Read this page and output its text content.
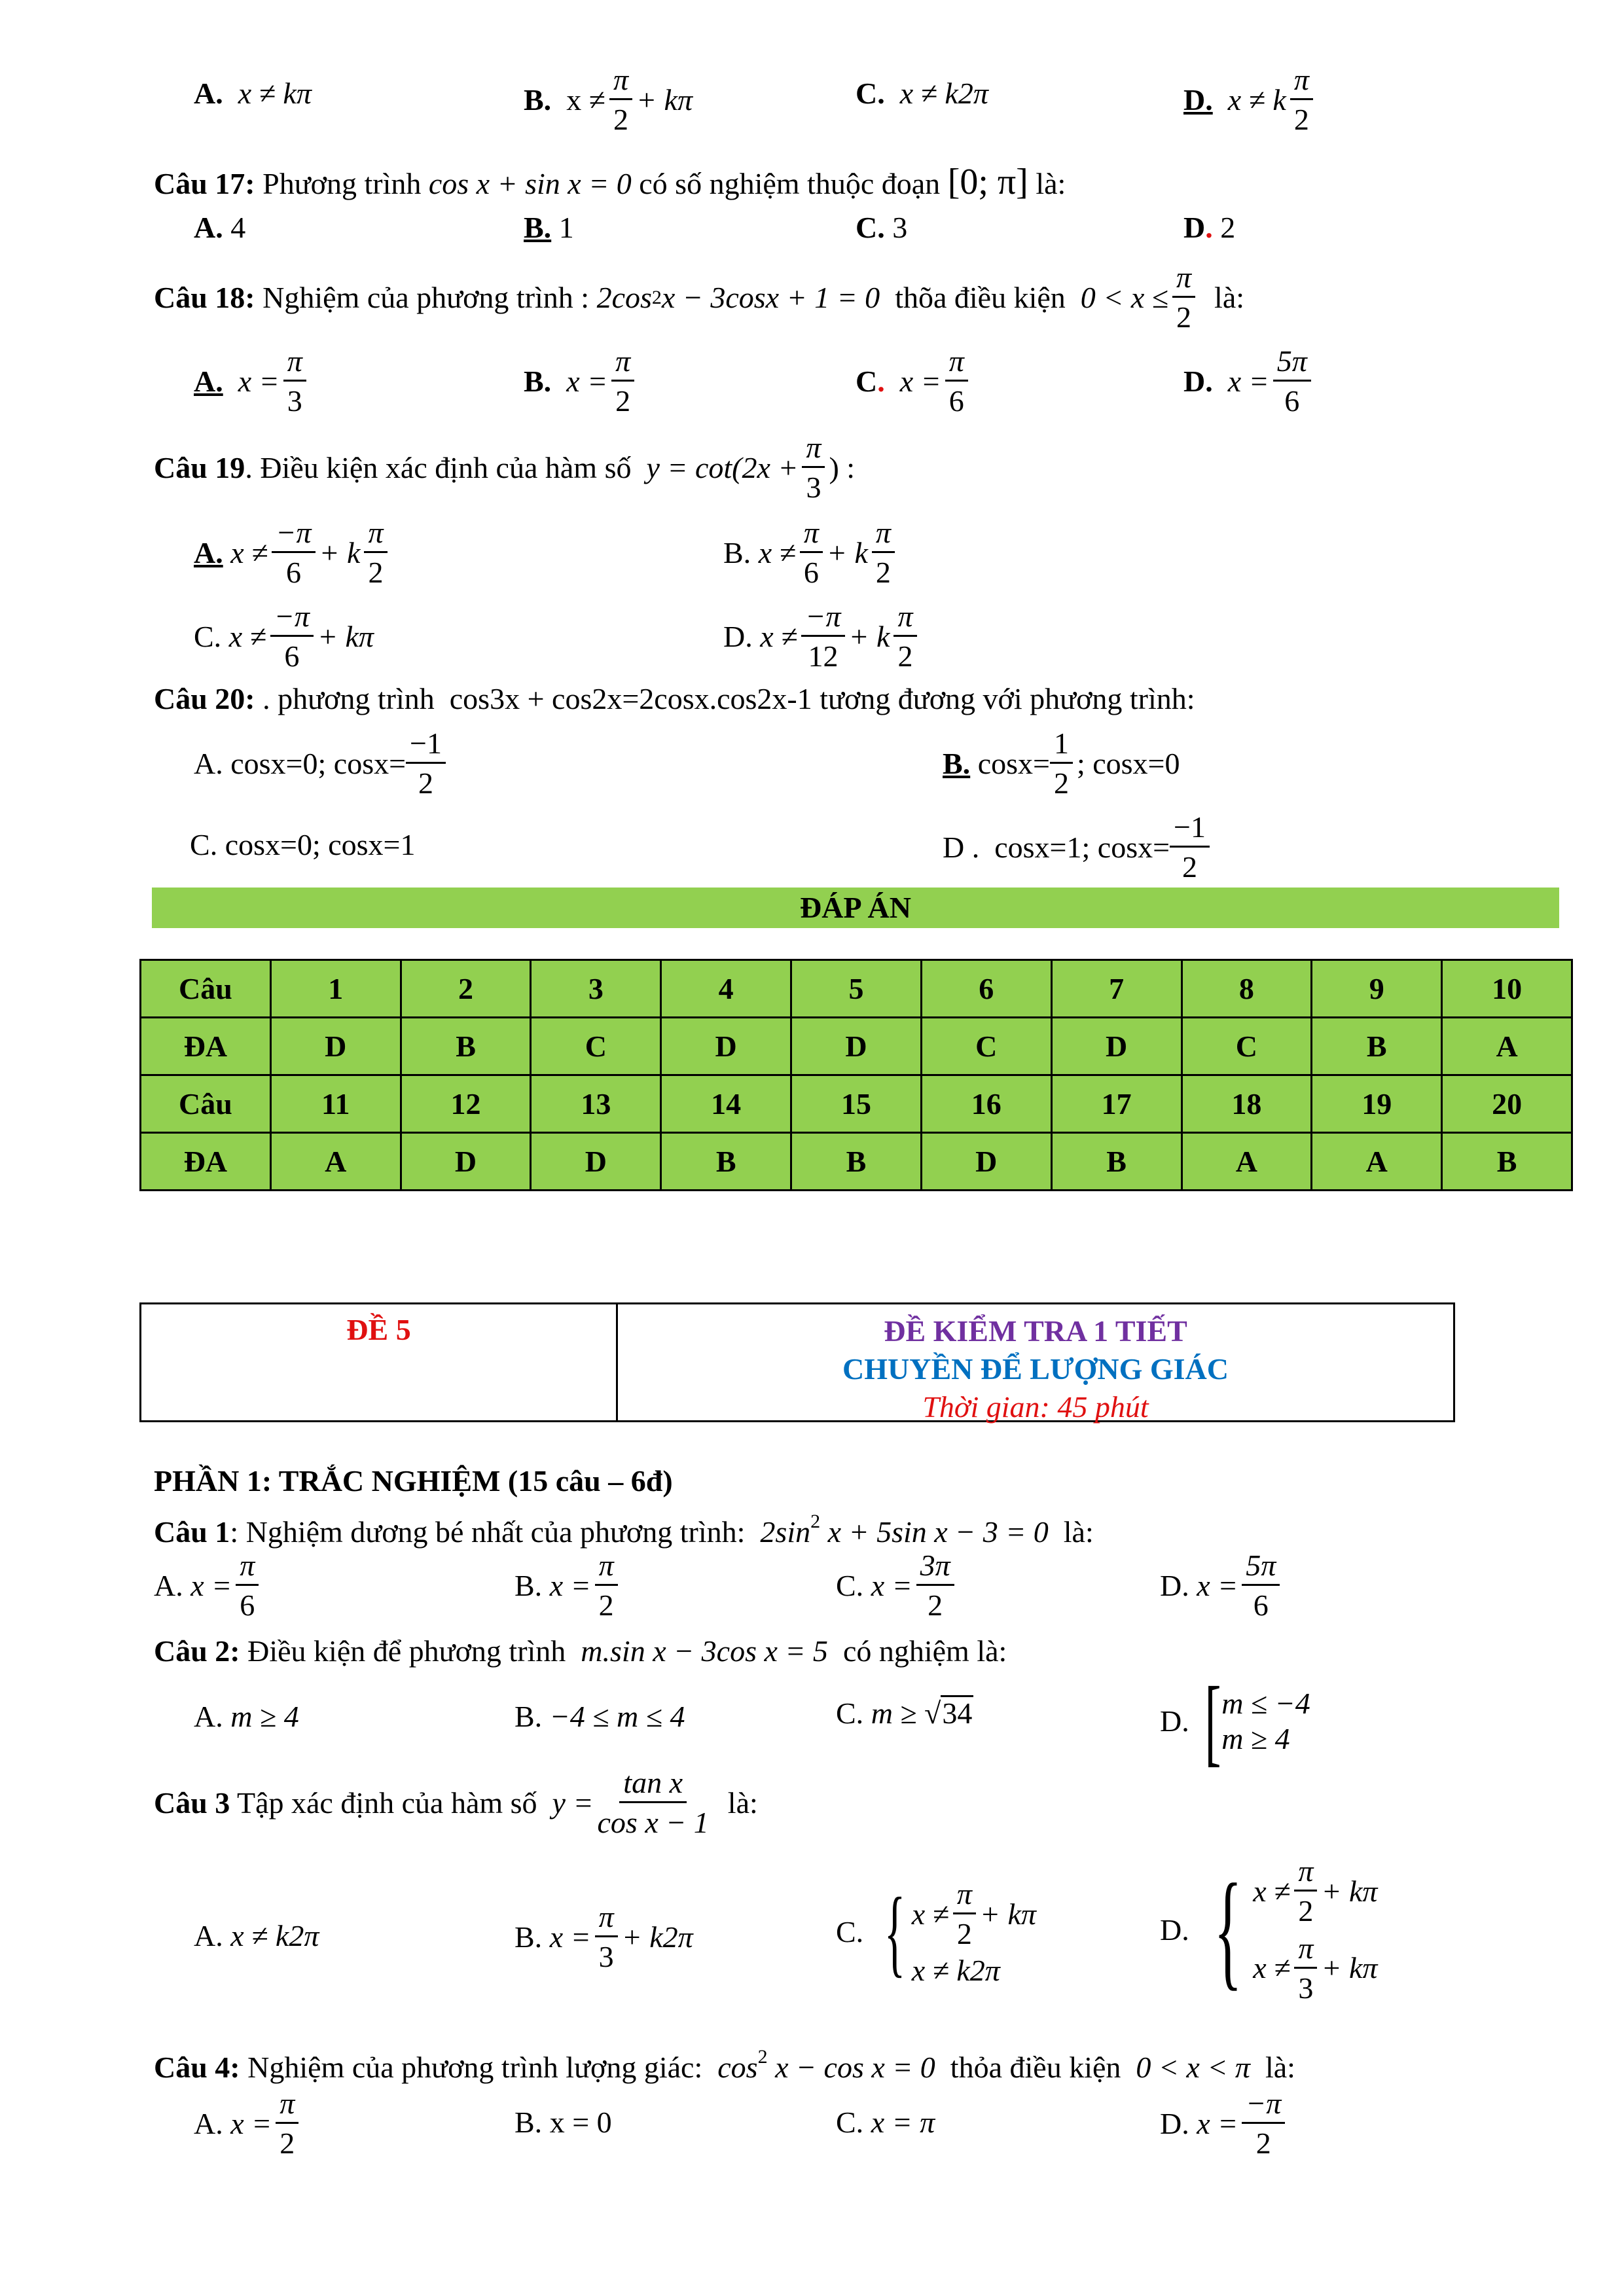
A. x ≠ kπ	B.
$x \ne \frac{\pi}{2} + k\pi$	C. x ≠ k2π	D.
x ≠ k $\frac{\pi}{2}$
Câu 17: Phương trình cos x + sin x = 0 có số nghiệm thuộc đoạn [0; π] là:
A. 4	B. 1	C. 3	D. 2
Câu 18: Nghiệm của phương trình : 2cos 2 x − 3cosx + 1 = 0 thõa điều kiện $0 < x \le \frac{\pi}{2}$ là:
A.
$x = \frac{\pi}{3}$	B.
$x = \frac{\pi}{2}$	C.
$x = \frac{\pi}{6}$	D.
$x = \frac{5\pi}{6}$
Câu 19 . Điều kiện xác định của hàm số $y = \cot(2x + \frac{\pi}{3}$ ) :
A.
$x \ne \frac{-\pi}{6} + k \frac{\pi}{2}$	B.
$x \ne \frac{\pi}{6} + k \frac{\pi}{2}$
C.
$x \ne \frac{-\pi}{6} + k\pi$	D.
$x \ne \frac{-\pi}{12} + k \frac{\pi}{2}$
Câu 20: . phương trình  cos3x + cos2x=2cosx.cos2x-1 tương đương với phương trình:
A . cosx=0; $\cos x= \frac{-1}{2}$	B.
$\cos x= \frac{1}{2}$ ; cosx=0
C. cosx=0; cosx=1	D . cosx=1; $\cos x= \frac{-1}{2}$
ĐÁP ÁN
Câu	1	2	3	4	5	6	7	8	9	10
ĐA	D	B	C	D	D	C	D	C	B	A
Câu	11	12	13	14	15	16	17	18	19	20
ĐA	A	D	D	B	B	D	B	A	A	B
ĐỀ 5	ĐỀ KIỂM TRA 1 TIẾT
CHUYỀN ĐỂ LƯỢNG GIÁC
Thời gian: 45 phút
PHẦN 1: TRẮC NGHIỆM (15 câu – 6đ)
Câu 1: Nghiệm dương bé nhất của phương trình:  $2\sin^2$ x + 5sin x − 3 = 0  là:
A.
$x = \frac{\pi}{6}$	B.
$x = \frac{\pi}{2}$	C.
$x = \frac{3\pi}{2}$	D.
$x = \frac{5\pi}{6}$
Câu 2: Điều kiện để phương trình  m.sin x − 3cos x = 5  có nghiệm là:
A. m ≥ 4	B. −4 ≤ m ≤ 4	C.
m ≥
√ 34	D.
[ m ≤ −4
m ≥ 4
Câu 3 Tập xác định của hàm số $y = \frac{\text{tan x}}{\text{cos x − 1}}$ là:
A. x ≠ k2π	B.
$x = \frac{\pi}{3} + k2\pi$	C.
{ $x \ne \frac{\pi}{2} + k\pi$
x ≠ k2π
D.
{ $x \ne \frac{\pi}{2} + k\pi$
$x \ne \frac{\pi}{3} + k\pi$
Câu 4: Nghiệm của phương trình lượng giác:  $\cos^2 x - \cos x = 0$  thỏa điều kiện  0 < x < π  là:
A.
$x = \frac{\pi}{2}$	B. x = 0	C. x = π	D.
$x = \frac{-\pi}{2}$
